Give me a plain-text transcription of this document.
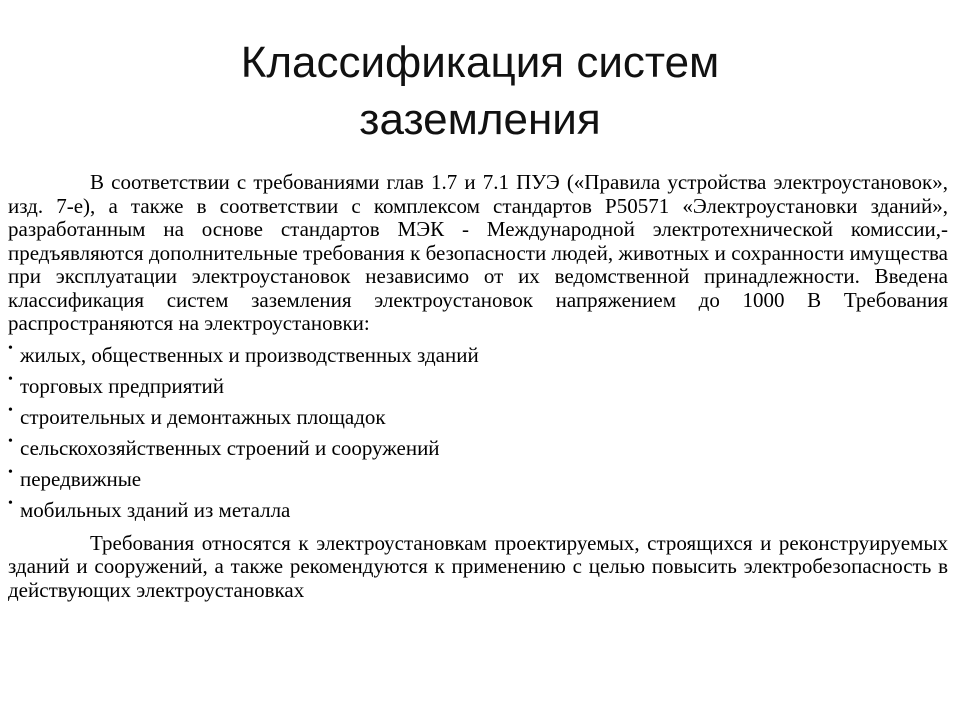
Классификация систем
заземления

В соответствии с требованиями глав 1.7 и 7.1 ПУЭ («Правила устройства электроустановок», изд. 7-е), а также в соответствии с комплексом стандартов Р50571 «Электроустановки зданий», разработанным на основе стандартов МЭК - Международной электротехнической комиссии,- предъявляются дополнительные требования к безопасности людей, животных и сохранности имущества при эксплуатации электроустановок независимо от их ведомственной принадлежности. Введена классификация систем заземления электроустановок напряжением до 1000 В Требования распространяются на электроустановки:

• жилых, общественных и производственных зданий
• торговых предприятий
• строительных и демонтажных площадок
• сельскохозяйственных строений и сооружений
• передвижные
• мобильных зданий из металла

Требования относятся к электроустановкам проектируемых, строящихся и реконструируемых зданий и сооружений, а также рекомендуются к применению с целью повысить электробезопасность в действующих электроустановках
